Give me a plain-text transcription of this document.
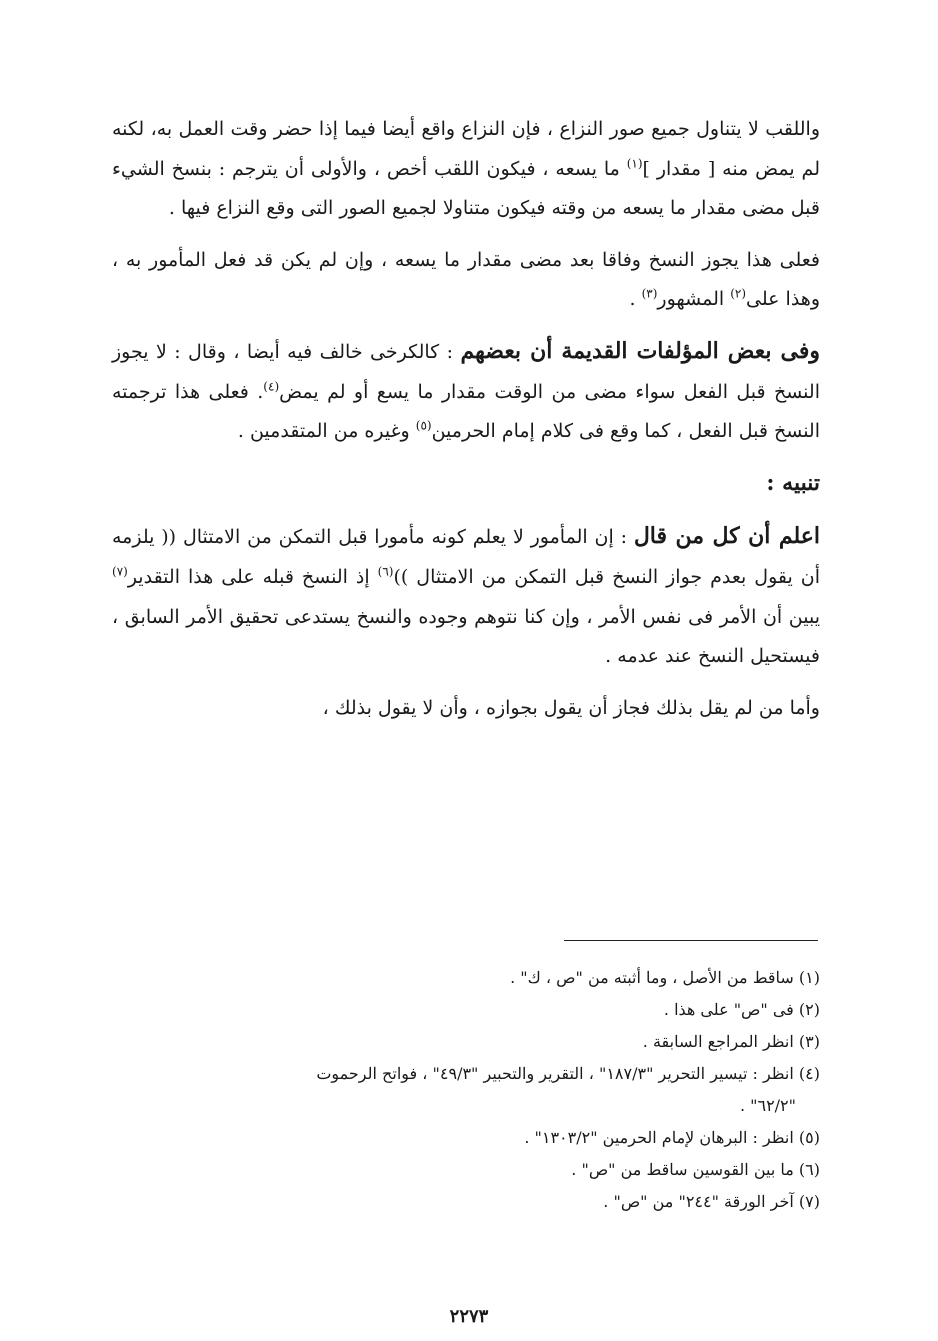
واللقب لا يتناول جميع صور النزاع ، فإن النزاع واقع أيضا فيما إذا حضر وقت العمل به، لكنه لم يمض منه [ مقدار ]$^{(١)}$ ما يسعه ، فيكون اللقب أخص ، والأولى أن يترجم : بنسخ الشيء قبل مضى مقدار ما يسعه من وقته فيكون متناولا لجميع الصور التى وقع النزاع فيها .

فعلى هذا يجوز النسخ وفاقا بعد مضى مقدار ما يسعه ، وإن لم يكن قد فعل المأمور به ، وهذا على$^{(٢)}$ المشهور$^{(٣)}$ .

وفى بعض المؤلفات القديمة أن بعضهم : كالكرخى خالف فيه أيضا ، وقال : لا يجوز النسخ قبل الفعل سواء مضى من الوقت مقدار ما يسع أو لم يمض$^{(٤)}$. فعلى هذا ترجمته النسخ قبل الفعل ، كما وقع فى كلام إمام الحرمين$^{(٥)}$ وغيره من المتقدمين .

تنبيه :

اعلم أن كل من قال : إن المأمور لا يعلم كونه مأمورا قبل التمكن من الامتثال (( يلزمه أن يقول بعدم جواز النسخ قبل التمكن من الامتثال ))$^{(٦)}$ إذ النسخ قبله على هذا التقدير$^{(٧)}$ يبين أن الأمر فى نفس الأمر ، وإن كنا نتوهم وجوده والنسخ يستدعى تحقيق الأمر السابق ، فيستحيل النسخ عند عدمه .

وأما من لم يقل بذلك فجاز أن يقول بجوازه ، وأن لا يقول بذلك ،

(١) ساقط من الأصل ، وما أثبته من "ص ، ك" .

(٢) فى "ص" على هذا .

(٣) انظر المراجع السابقة .

(٤) انظر : تيسير التحرير "١٨٧/٣" ، التقرير والتحبير "٤٩/٣" ، فواتح الرحموت

"٦٢/٢" .

(٥) انظر : البرهان لإمام الحرمين "١٣٠٣/٢" .

(٦) ما بين القوسين ساقط من "ص" .

(٧) آخر الورقة "٢٤٤" من "ص" .

٢٢٧٣
